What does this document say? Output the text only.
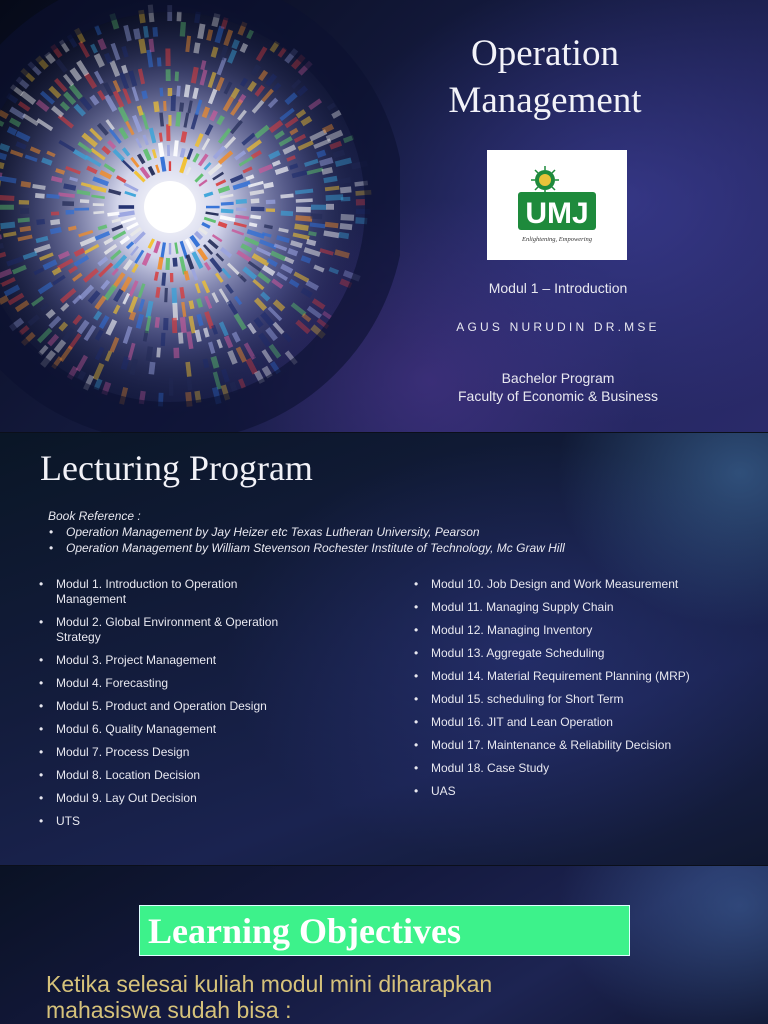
Operation
Management
UMJ
Enlightening, Empowering
Modul 1 – Introduction
AGUS NURUDIN DR.MSE
Bachelor Program
Faculty of Economic & Business
Lecturing Program
Book Reference :
• Operation Management by Jay Heizer etc Texas Lutheran University, Pearson
• Operation Management by William Stevenson Rochester Institute of Technology, Mc Graw Hill
• Modul 1. Introduction to Operation Management
• Modul 2. Global Environment & Operation Strategy
• Modul 3. Project Management
• Modul 4. Forecasting
• Modul 5. Product and Operation Design
• Modul 6. Quality Management
• Modul 7. Process Design
• Modul 8. Location Decision
• Modul 9. Lay Out Decision
• UTS
• Modul 10. Job Design and Work Measurement
• Modul 11. Managing Supply Chain
• Modul 12. Managing Inventory
• Modul 13. Aggregate Scheduling
• Modul 14. Material Requirement Planning (MRP)
• Modul 15. scheduling for Short Term
• Modul 16. JIT and Lean Operation
• Modul 17. Maintenance & Reliability Decision
• Modul 18. Case Study
• UAS
Learning Objectives
Ketika selesai kuliah modul mini diharapkan
mahasiswa sudah bisa :
